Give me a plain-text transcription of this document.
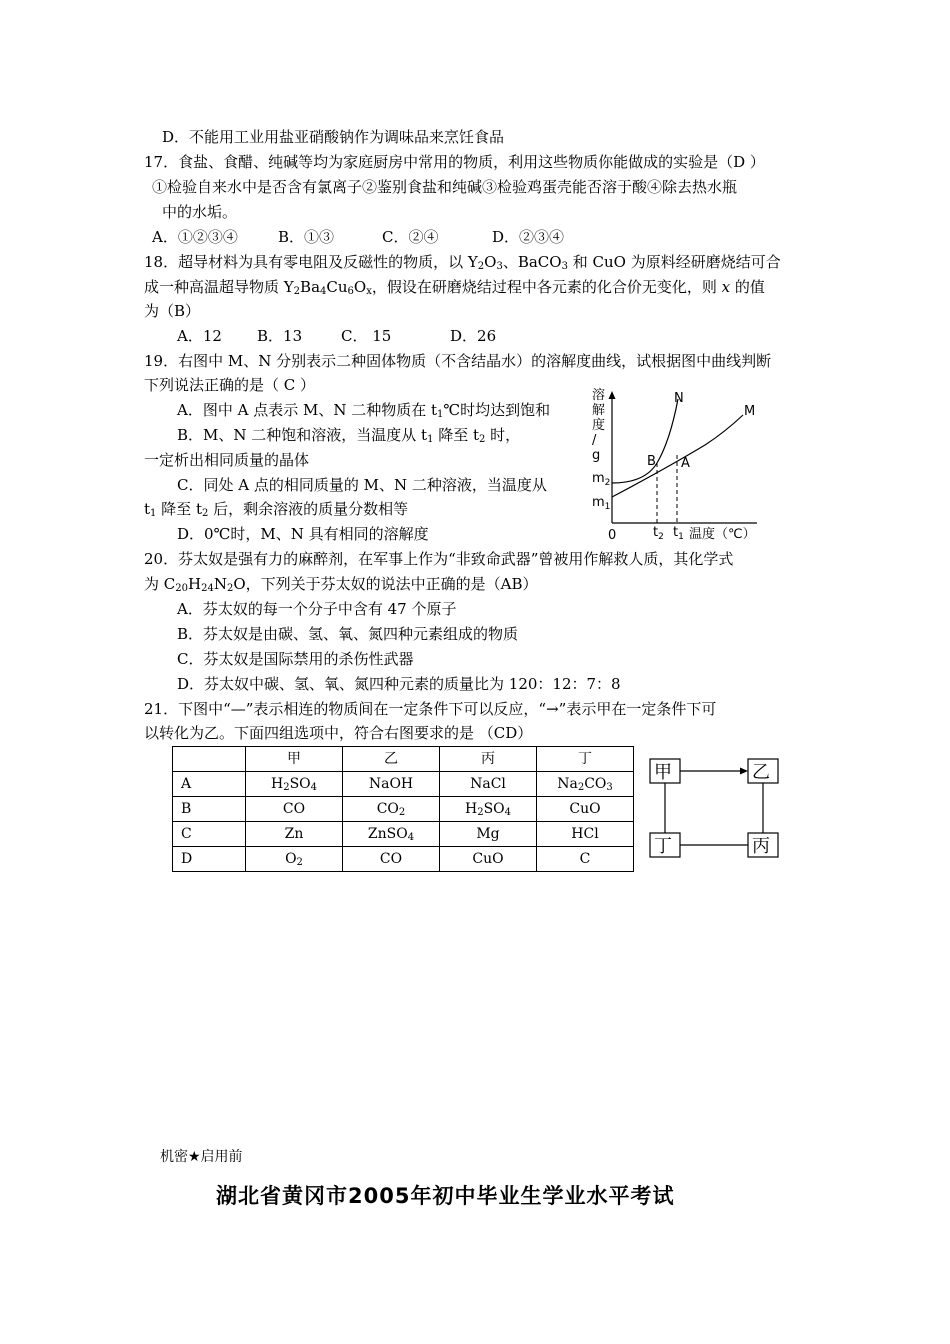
D．不能用工业用盐亚硝酸钠作为调味品来烹饪食品
17．食盐、食醋、纯碱等均为家庭厨房中常用的物质，利用这些物质你能做成的实验是（D ）
①检验自来水中是否含有氯离子②鉴别食盐和纯碱③检验鸡蛋壳能否溶于酸④除去热水瓶
中的水垢。
A．①②③④	B．①③	C．②④	D．②③④
18．超导材料为具有零电阻及反磁性的物质，以 $Y_2O_3$、BaCO$_3$ 和 CuO 为原料经研磨烧结可合
成一种高温超导物质 $Y_2Ba_4Cu_6O_x$，假设在研磨烧结过程中各元素的化合价无变化，则 x 的值
为（B）
A．12 B．13	C． 15	D．26
19．右图中 M、N 分别表示二种固体物质（不含结晶水）的溶解度曲线，试根据图中曲线判断
下列说法正确的是（ C ）
A．图中 A 点表示 M、N 二种物质在 $t_1℃$时均达到饱和
B．M、N 二种饱和溶液，当温度从 $t_1$ 降至 $t_2$ 时，
一定析出相同质量的晶体
C．同处 A 点的相同质量的 M、N 二种溶液，当温度从
$t_1$ 降至 $t_2$ 后，剩余溶液的质量分数相等
D．0℃时，M、N 具有相同的溶解度
溶解度/ g
$m_2$
$m_1$
N
M
B A
0	$t_2$ $t_1$ 温度（℃）
20．芬太奴是强有力的麻醉剂，在军事上作为“非致命武器”曾被用作解救人质，其化学式
为 $C_{20}H_{24}N_2O$，下列关于芬太奴的说法中正确的是（AB）
A．芬太奴的每一个分子中含有 47 个原子
B．芬太奴是由碳、氢、氧、氮四种元素组成的物质
C．芬太奴是国际禁用的杀伤性武器
D．芬太奴中碳、氢、氧、氮四种元素的质量比为 120：12：7：8
21．下图中“—”表示相连的物质间在一定条件下可以反应，“→”表示甲在一定条件下可
以转化为乙。下面四组选项中，符合右图要求的是 （CD）
	甲	乙	丙	丁
A	$H_2SO_4$	NaOH	NaCl	$Na_2CO_3$
B	CO	$CO_2$	$H_2SO_4$	CuO
C	Zn	ZnSO$_4$	Mg	HCl
D	$O_2$	CO	CuO	C
甲	乙
丁	丙
机密★启用前
湖北省黄冈市2005年初中毕业生学业水平考试
